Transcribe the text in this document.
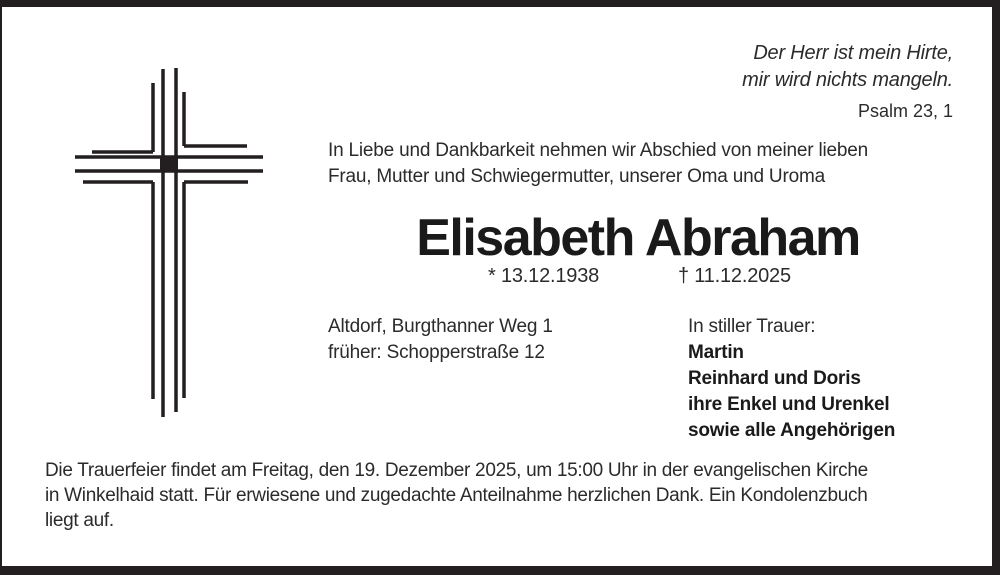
Der Herr ist mein Hirte,
mir wird nichts mangeln.
Psalm 23, 1
In Liebe und Dankbarkeit nehmen wir Abschied von meiner lieben
Frau, Mutter und Schwiegermutter, unserer Oma und Uroma
Elisabeth Abraham
* 13.12.1938	† 11.12.2025
Altdorf, Burgthanner Weg 1
früher: Schopperstraße 12
In stiller Trauer:
Martin
Reinhard und Doris
ihre Enkel und Urenkel
sowie alle Angehörigen
Die Trauerfeier findet am Freitag, den 19. Dezember 2025, um 15:00 Uhr in der evangelischen Kirche
in Winkelhaid statt. Für erwiesene und zugedachte Anteilnahme herzlichen Dank. Ein Kondolenzbuch
liegt auf.
